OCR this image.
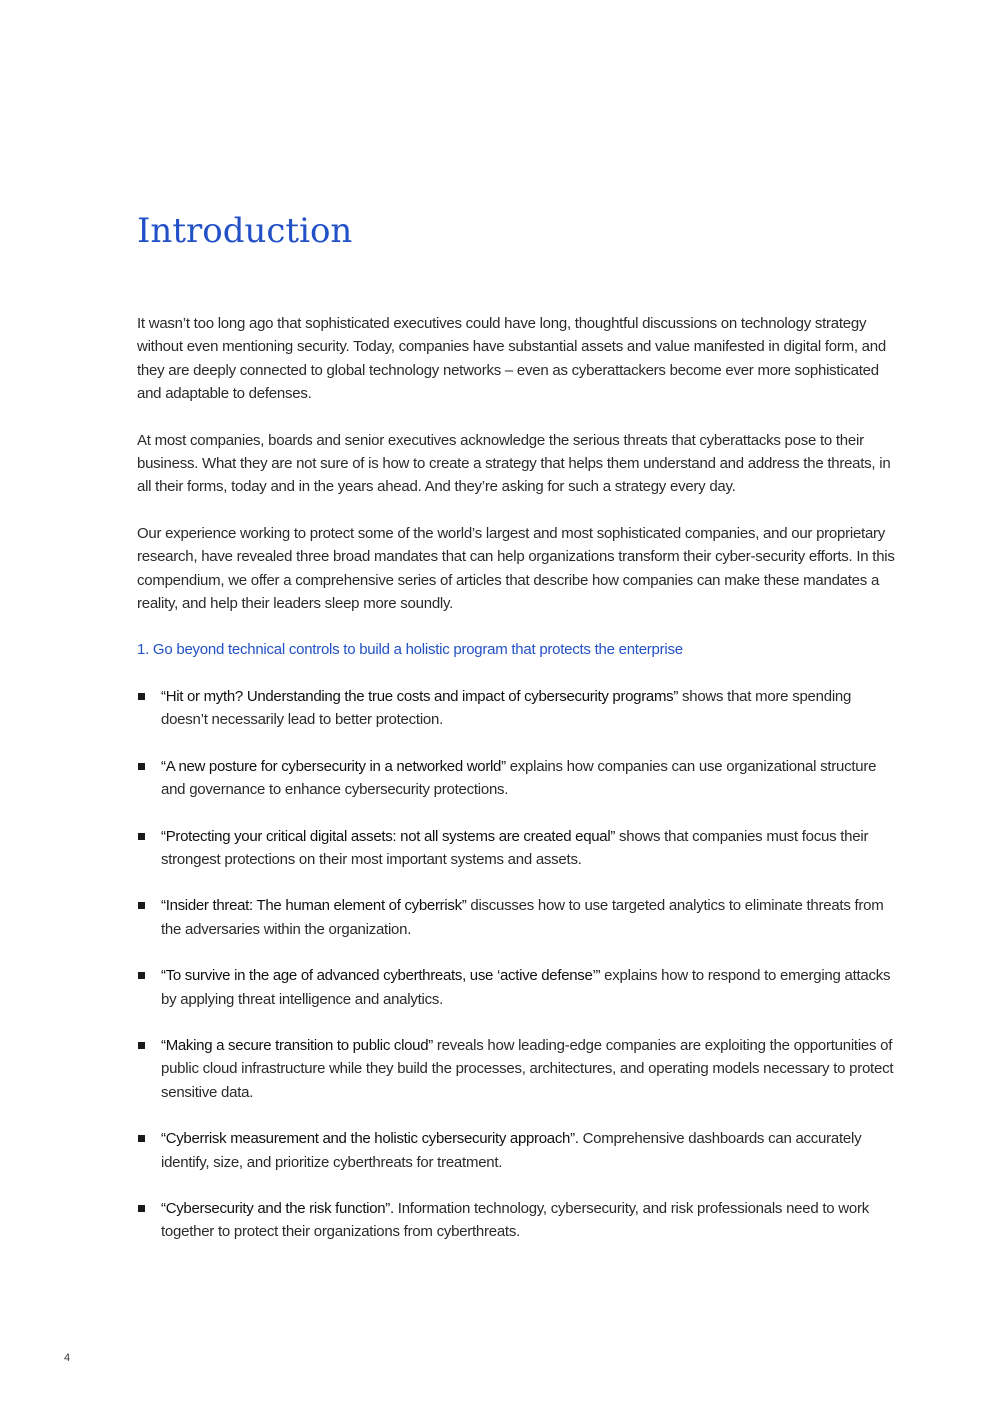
Introduction

It wasn’t too long ago that sophisticated executives could have long, thoughtful discussions on technology strategy without even mentioning security. Today, companies have substantial assets and value manifested in digital form, and they are deeply connected to global technology networks – even as cyberattackers become ever more sophisticated and adaptable to defenses.

At most companies, boards and senior executives acknowledge the serious threats that cyberattacks pose to their business. What they are not sure of is how to create a strategy that helps them understand and address the threats, in all their forms, today and in the years ahead. And they’re asking for such a strategy every day.

Our experience working to protect some of the world’s largest and most sophisticated companies, and our proprietary research, have revealed three broad mandates that can help organizations transform their cyber-security efforts. In this compendium, we offer a comprehensive series of articles that describe how companies can make these mandates a reality, and help their leaders sleep more soundly.

1. Go beyond technical controls to build a holistic program that protects the enterprise

“Hit or myth? Understanding the true costs and impact of cybersecurity programs” shows that more spending doesn’t necessarily lead to better protection.
“A new posture for cybersecurity in a networked world” explains how companies can use organizational structure and governance to enhance cybersecurity protections.
“Protecting your critical digital assets: not all systems are created equal” shows that companies must focus their strongest protections on their most important systems and assets.
“Insider threat: The human element of cyberrisk” discusses how to use targeted analytics to eliminate threats from the adversaries within the organization.
“To survive in the age of advanced cyberthreats, use ‘active defense’” explains how to respond to emerging attacks by applying threat intelligence and analytics.
“Making a secure transition to public cloud” reveals how leading-edge companies are exploiting the opportunities of public cloud infrastructure while they build the processes, architectures, and operating models necessary to protect sensitive data.
“Cyberrisk measurement and the holistic cybersecurity approach”. Comprehensive dashboards can accurately identify, size, and prioritize cyberthreats for treatment.
“Cybersecurity and the risk function”. Information technology, cybersecurity, and risk professionals need to work together to protect their organizations from cyberthreats.
4
